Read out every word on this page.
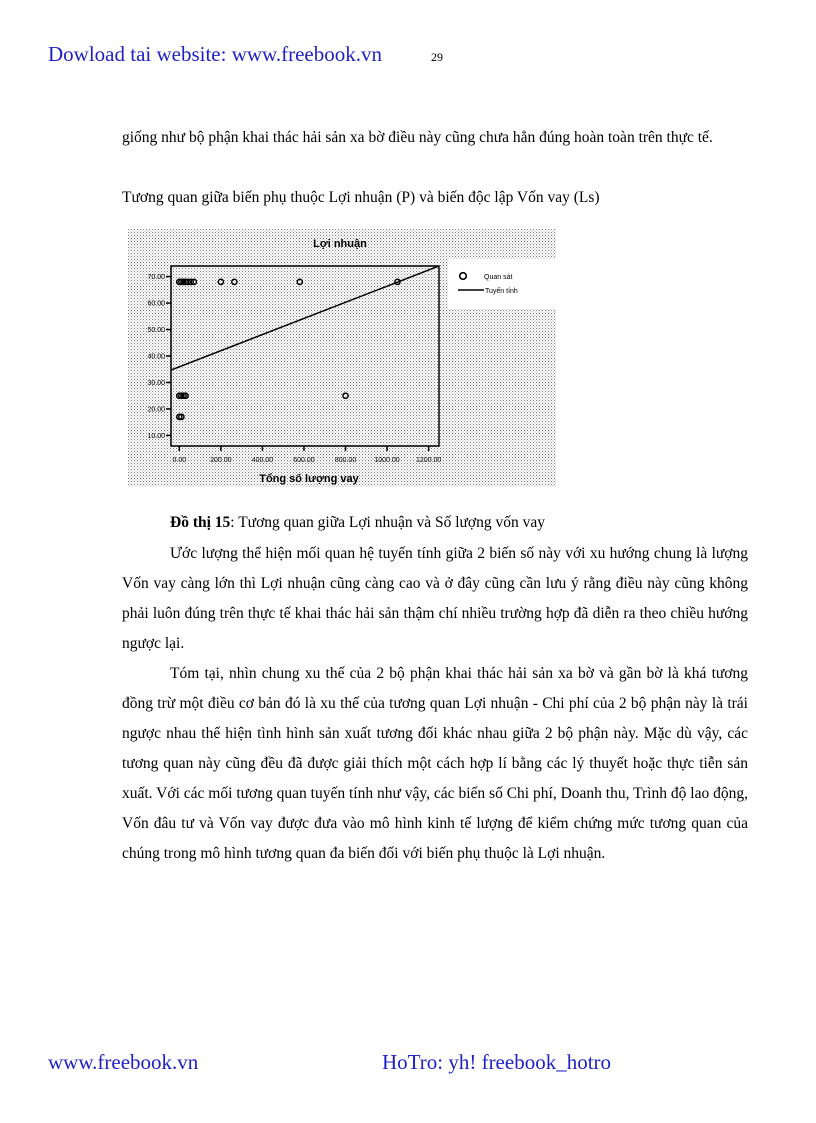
Dowload tai website: www.freebook.vn	29
giống như bộ phận khai thác hải sản xa bờ điều này cũng chưa hẳn đúng hoàn toàn trên thực tế.
Tương quan giữa biến phụ thuộc Lợi nhuận (P) và biến độc lập Vốn vay (Ls)
Lợi nhuận
Tổng số lượng vay
10.00
20.00
30.00
40.00
50.00
60.00
70.00
0.00	200.00	400.00	600.00	800.00	1000.00 1200.00
Quan sát
Tuyến tính
Đồ thị 15: Tương quan giữa Lợi nhuận và Số lượng vốn vay
Ước lượng thể hiện mối quan hệ tuyến tính giữa 2 biến số này với xu hướng chung là lượng Vốn vay càng lớn thì Lợi nhuận cũng càng cao và ở đây cũng cần lưu ý rằng điều này cũng không phải luôn đúng trên thực tế khai thác hải sản thậm chí nhiều trường hợp đã diễn ra theo chiều hướng ngược lại.
Tóm tại, nhìn chung xu thế của 2 bộ phận khai thác hải sản xa bờ và gần bờ là khá tương đồng trừ một điều cơ bản đó là xu thế của tương quan Lợi nhuận - Chi phí của 2 bộ phận này là trái ngược nhau thể hiện tình hình sản xuất tương đối khác nhau giữa 2 bộ phận này. Mặc dù vậy, các tương quan này cũng đều đã được giải thích một cách hợp lí bằng các lý thuyết hoặc thực tiễn sản xuất. Với các mối tương quan tuyến tính như vậy, các biến số Chi phí, Doanh thu, Trình độ lao động, Vốn đâu tư và Vốn vay được đưa vào mô hình kinh tế lượng để kiểm chứng mức tương quan của chúng trong mô hình tương quan đa biến đối với biến phụ thuộc là Lợi nhuận.
www.freebook.vn	HoTro: yh! freebook_hotro
